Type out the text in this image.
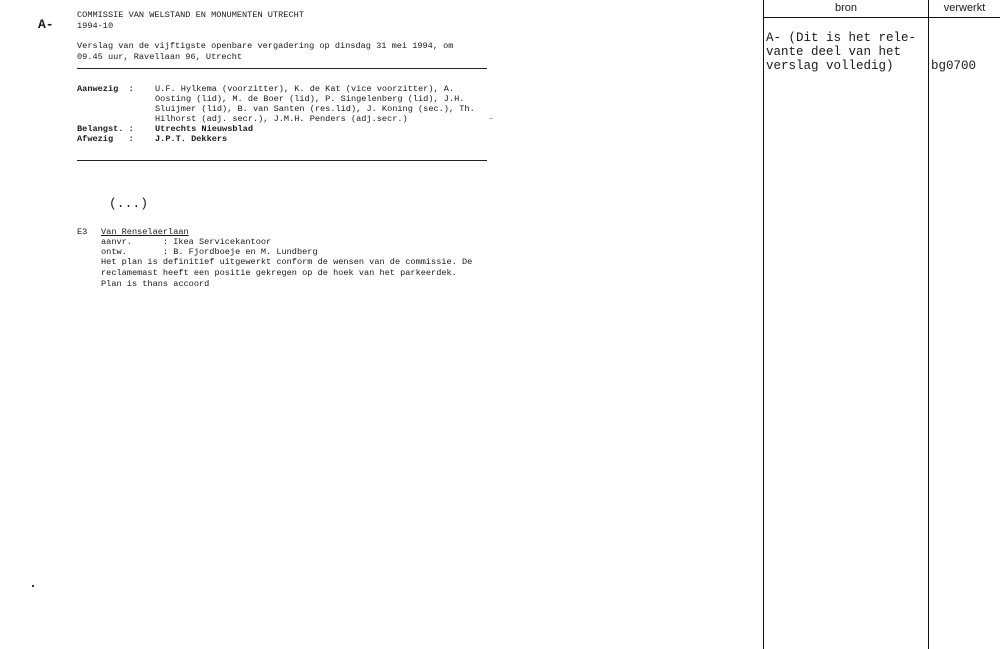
A-
COMMISSIE VAN WELSTAND EN MONUMENTEN UTRECHT
1994-10
Verslag van de vijftigste openbare vergadering op dinsdag 31 mei 1994, om
09.45 uur, Ravellaan 96, Utrecht
Aanwezig  : U.F. Hylkema (voorzitter), K. de Kat (vice voorzitter), A.
Oosting (lid), M. de Boer (lid), P. Singelenberg (lid), J.H.
Sluijmer (lid), B. van Santen (res.lid), J. Koning (sec.), Th.
Hilhorst (adj. secr.), J.M.H. Penders (adj.secr.)
Belangst. : Utrechts Nieuwsblad
Afwezig   : J.P.T. Dekkers
(...)
E3 Van Renselaerlaan
aanvr.      : Ikea Servicekantoor
ontw.       : B. Fjordboeje en M. Lundberg
Het plan is definitief uitgewerkt conform de wensen van de commissie. De
reclamemast heeft een positie gekregen op de hoek van het parkeerdek.
Plan is thans accoord
bron	verwerkt
A- (Dit is het rele-
vante deel van het
verslag volledig)	bg0700
